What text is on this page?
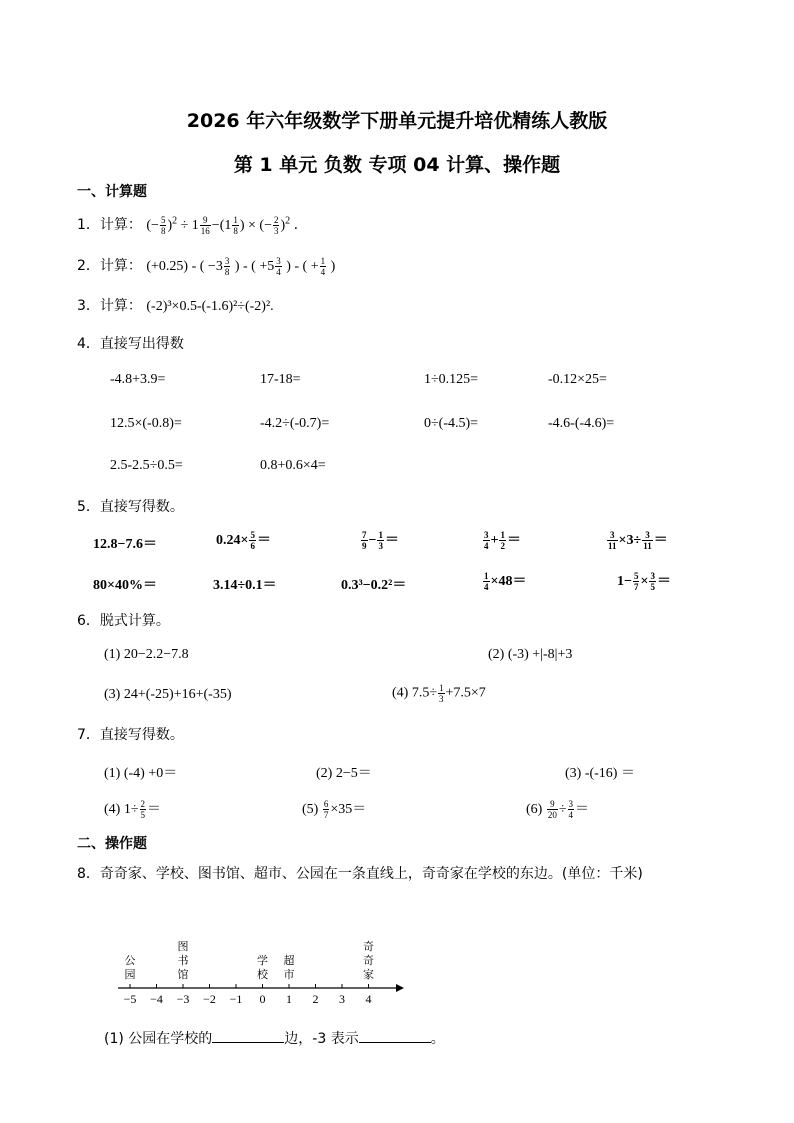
2026 年六年级数学下册单元提升培优精练人教版
第 1 单元 负数 专项 04 计算、操作题
一、计算题
1．计算： (− $\frac{5}{8} )^2 \div 1 \frac{9}{16} -(1 \frac{1}{8}$ ) × (− $\frac{2}{3} )^2$ .
2．计算： (+0.25) - ( $-3 \frac{3}{8}$ ) - ( $+5 \frac{3}{4}$ ) - ( + $\frac{1}{4}$ )
3．计算： (-2)³×0.5-(-1.6)²÷(-2)².
4．直接写出得数
-4.8+3.9=	17-18=	1÷0.125=	-0.12×25=
12.5×(-0.8)=	-4.2÷(-0.7)=	0÷(-4.5)=	-4.6-(-4.6)=
2.5-2.5÷0.5=	0.8+0.6×4=
5．直接写得数。
12.8−7.6＝	$0.24\times \frac{5}{6}$ ＝	$\frac{7}{9} - \frac{1}{3}$ ＝	$\frac{3}{4} + \frac{1}{2}$ ＝	$\frac{3}{11} \times 3\div \frac{3}{11}$ ＝
80×40%＝	3.14÷0.1＝	0.3³−0.2²＝	$\frac{1}{4} \times 48=$	$1- \frac{5}{7} \times \frac{3}{5}$ ＝
6．脱式计算。
(1) 20−2.2−7.8	(2) (-3) +|-8|+3
(3) 24+(-25)+16+(-35)	(4) $7.5\div \frac{1}{3} +7.5\times 7$
7．直接写得数。
(1) (-4) +0＝	(2) 2−5＝	(3) -(-16) ＝
(4) $1\div \frac{2}{5}$ ＝	$(5) \frac{6}{7} \times 35=$	$(6) \frac{9}{20} \div \frac{3}{4}$ ＝
二、操作题
8．奇奇家、学校、图书馆、超市、公园在一条直线上，奇奇家在学校的东边。(单位：千米)
公
园
图
书
馆
学
校
超
市
奇
奇
家
−5 −4 −3 −2 −1 0 1 2 3 4
(1) 公园在学校的	边，-3 表示	。
